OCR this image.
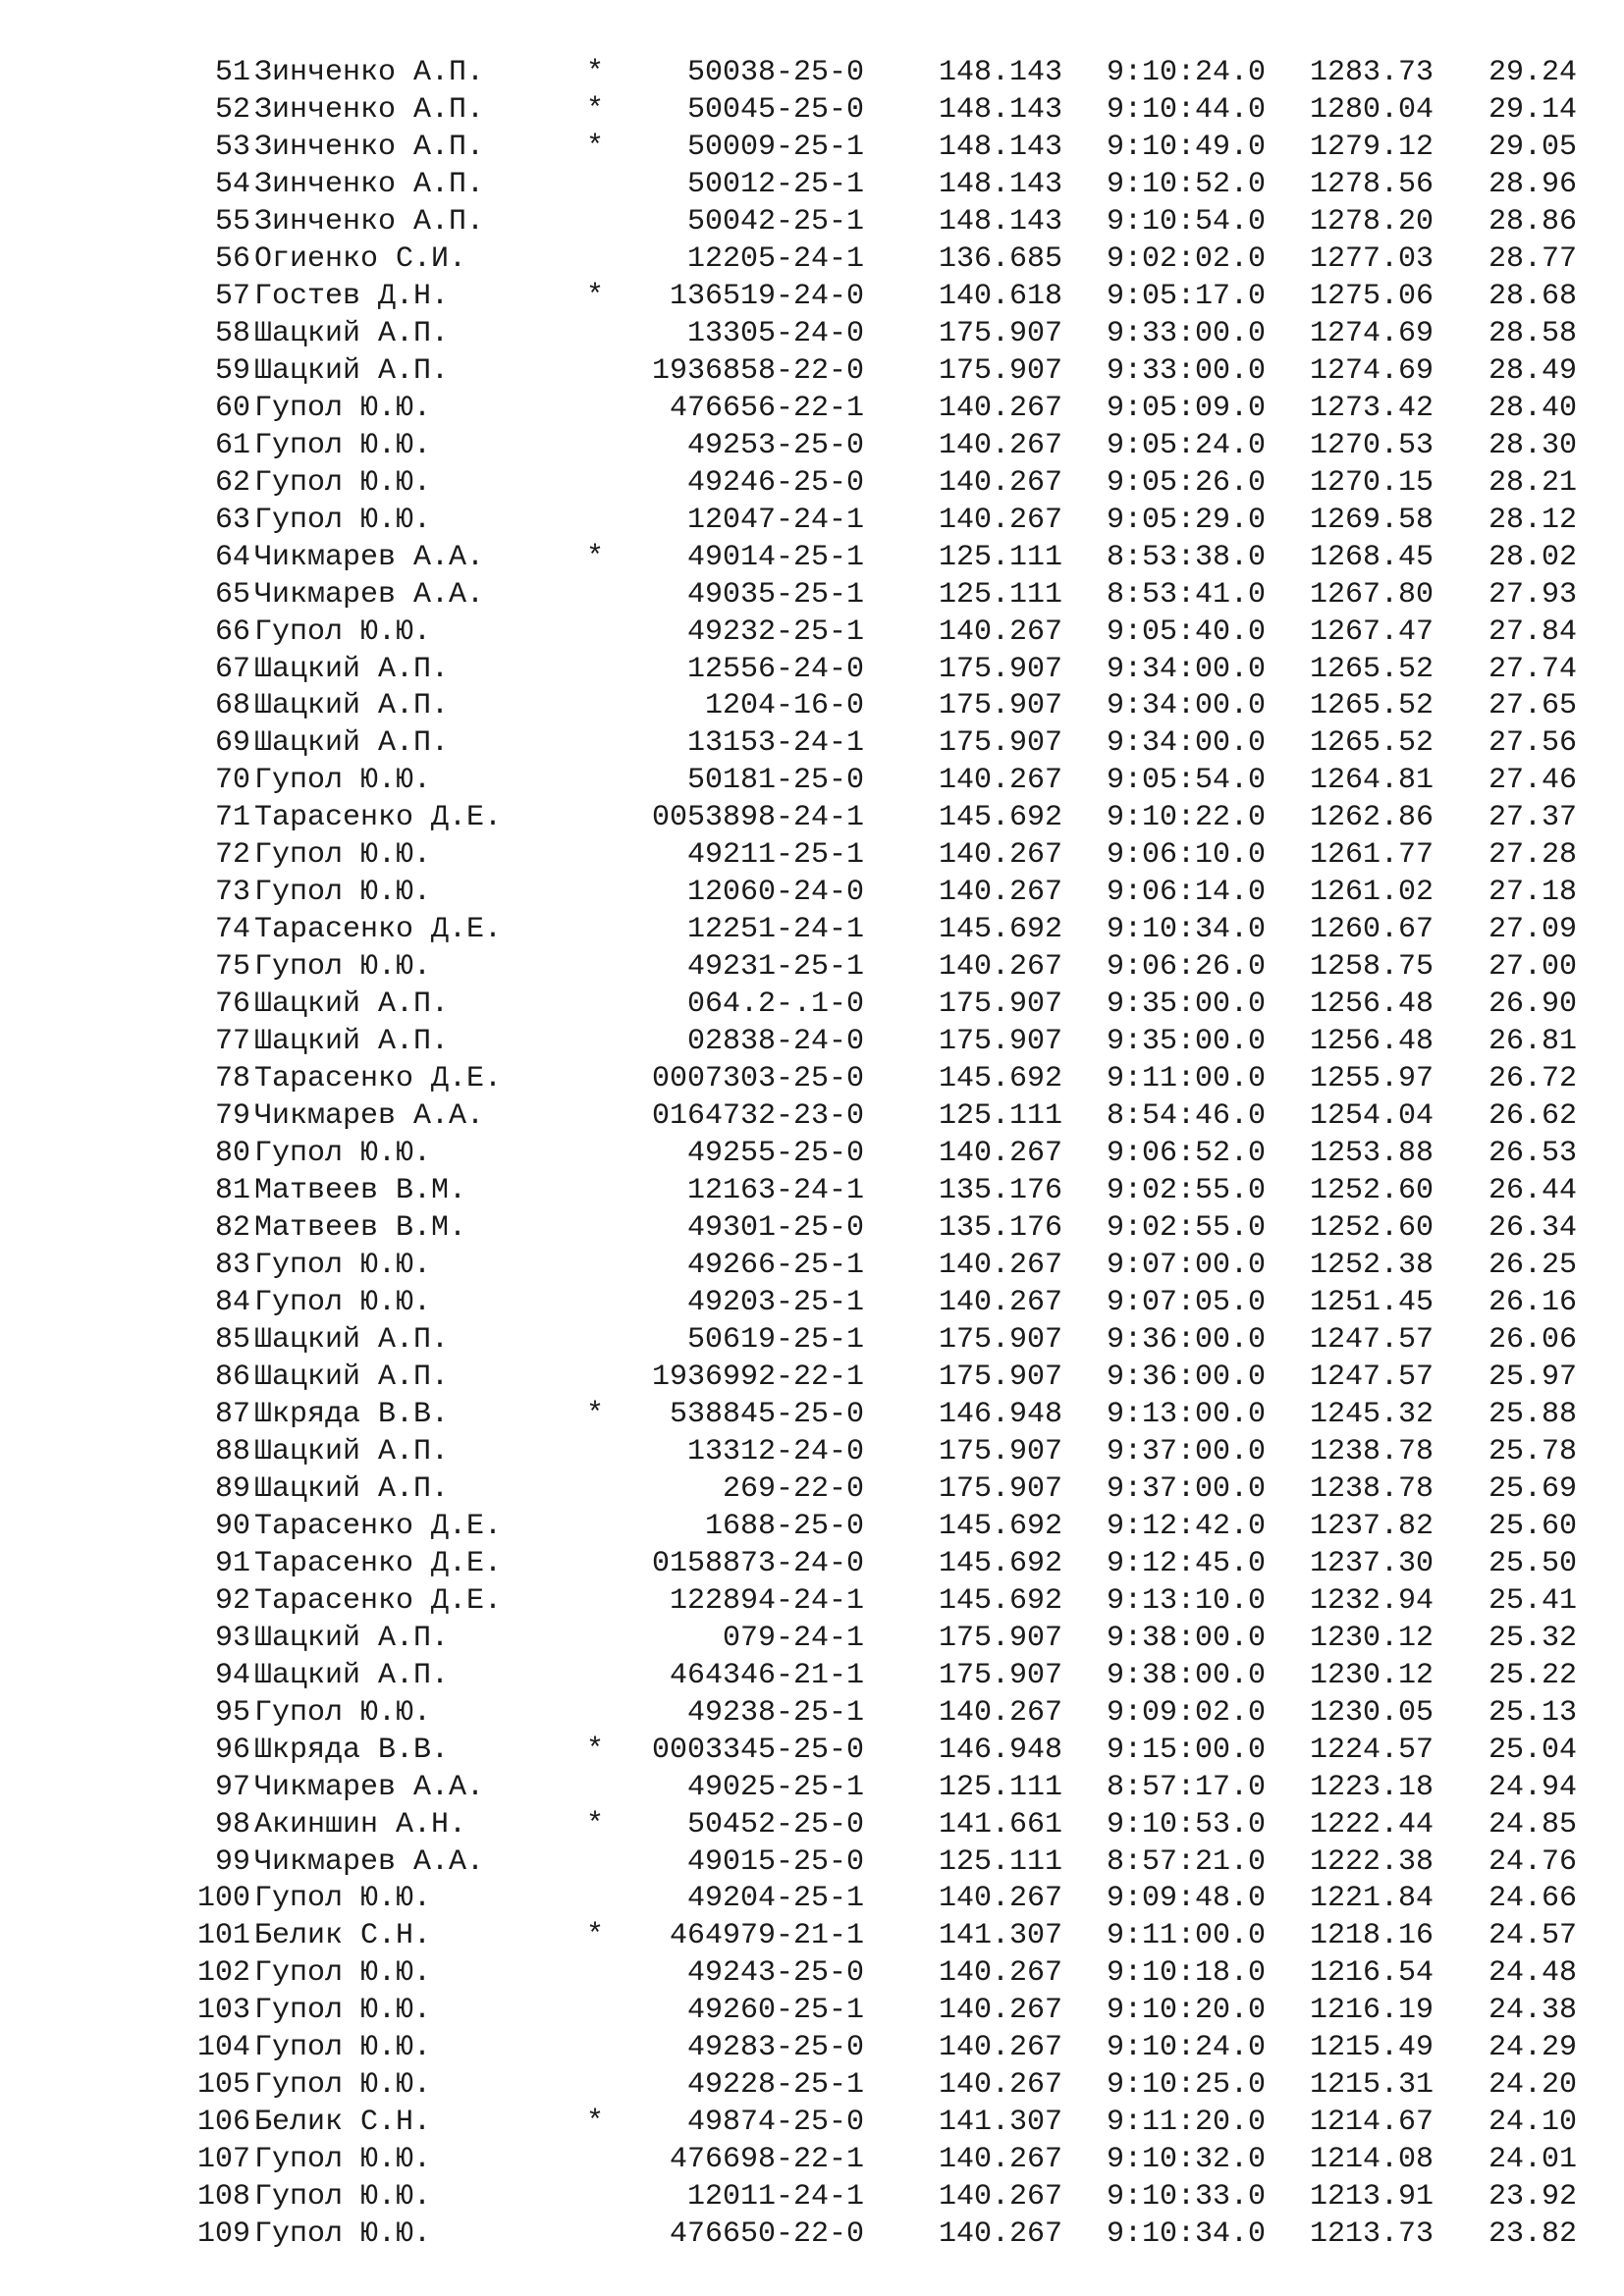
51 Зинченко А.П.	*	50038-25-0	148.143 9:10:24.0 1283.73 29.24
52 Зинченко А.П.	*	50045-25-0	148.143 9:10:44.0 1280.04 29.14
53 Зинченко А.П.	*	50009-25-1	148.143 9:10:49.0 1279.12 29.05
54 Зинченко А.П.	50012-25-1	148.143 9:10:52.0 1278.56 28.96
55 Зинченко А.П.	50042-25-1	148.143 9:10:54.0 1278.20 28.86
56 Огиенко С.И.	12205-24-1	136.685 9:02:02.0 1277.03 28.77
57 Гостев Д.Н.	* 136519-24-0	140.618 9:05:17.0 1275.06 28.68
58 Шацкий А.П.	13305-24-0	175.907 9:33:00.0 1274.69 28.58
59 Шацкий А.П.	1936858-22-0	175.907 9:33:00.0 1274.69 28.49
60 Гупол Ю.Ю.	476656-22-1	140.267 9:05:09.0 1273.42 28.40
61 Гупол Ю.Ю.	49253-25-0	140.267 9:05:24.0 1270.53 28.30
62 Гупол Ю.Ю.	49246-25-0	140.267 9:05:26.0 1270.15 28.21
63 Гупол Ю.Ю.	12047-24-1	140.267 9:05:29.0 1269.58 28.12
64 Чикмарев А.А.	*	49014-25-1	125.111 8:53:38.0 1268.45 28.02
65 Чикмарев А.А.	49035-25-1	125.111 8:53:41.0 1267.80 27.93
66 Гупол Ю.Ю.	49232-25-1	140.267 9:05:40.0 1267.47 27.84
67 Шацкий А.П.	12556-24-0	175.907 9:34:00.0 1265.52 27.74
68 Шацкий А.П.	1204-16-0	175.907 9:34:00.0 1265.52 27.65
69 Шацкий А.П.	13153-24-1	175.907 9:34:00.0 1265.52 27.56
70 Гупол Ю.Ю.	50181-25-0	140.267 9:05:54.0 1264.81 27.46
71 Тарасенко Д.Е.	0053898-24-1	145.692 9:10:22.0 1262.86 27.37
72 Гупол Ю.Ю.	49211-25-1	140.267 9:06:10.0 1261.77 27.28
73 Гупол Ю.Ю.	12060-24-0	140.267 9:06:14.0 1261.02 27.18
74 Тарасенко Д.Е.	12251-24-1	145.692 9:10:34.0 1260.67 27.09
75 Гупол Ю.Ю.	49231-25-1	140.267 9:06:26.0 1258.75 27.00
76 Шацкий А.П.	064.2-.1-0	175.907 9:35:00.0 1256.48 26.90
77 Шацкий А.П.	02838-24-0	175.907 9:35:00.0 1256.48 26.81
78 Тарасенко Д.Е.	0007303-25-0	145.692 9:11:00.0 1255.97 26.72
79 Чикмарев А.А.	0164732-23-0	125.111 8:54:46.0 1254.04 26.62
80 Гупол Ю.Ю.	49255-25-0	140.267 9:06:52.0 1253.88 26.53
81 Матвеев В.М.	12163-24-1	135.176 9:02:55.0 1252.60 26.44
82 Матвеев В.М.	49301-25-0	135.176 9:02:55.0 1252.60 26.34
83 Гупол Ю.Ю.	49266-25-1	140.267 9:07:00.0 1252.38 26.25
84 Гупол Ю.Ю.	49203-25-1	140.267 9:07:05.0 1251.45 26.16
85 Шацкий А.П.	50619-25-1	175.907 9:36:00.0 1247.57 26.06
86 Шацкий А.П.	1936992-22-1	175.907 9:36:00.0 1247.57 25.97
87 Шкряда В.В.	* 538845-25-0	146.948 9:13:00.0 1245.32 25.88
88 Шацкий А.П.	13312-24-0	175.907 9:37:00.0 1238.78 25.78
89 Шацкий А.П.	269-22-0	175.907 9:37:00.0 1238.78 25.69
90 Тарасенко Д.Е.	1688-25-0	145.692 9:12:42.0 1237.82 25.60
91 Тарасенко Д.Е.	0158873-24-0	145.692 9:12:45.0 1237.30 25.50
92 Тарасенко Д.Е.	122894-24-1	145.692 9:13:10.0 1232.94 25.41
93 Шацкий А.П.	079-24-1	175.907 9:38:00.0 1230.12 25.32
94 Шацкий А.П.	464346-21-1	175.907 9:38:00.0 1230.12 25.22
95 Гупол Ю.Ю.	49238-25-1	140.267 9:09:02.0 1230.05 25.13
96 Шкряда В.В.	* 0003345-25-0	146.948 9:15:00.0 1224.57 25.04
97 Чикмарев А.А.	49025-25-1	125.111 8:57:17.0 1223.18 24.94
98 Акиншин А.Н.	*	50452-25-0	141.661 9:10:53.0 1222.44 24.85
99 Чикмарев А.А.	49015-25-0	125.111 8:57:21.0 1222.38 24.76
100 Гупол Ю.Ю.	49204-25-1	140.267 9:09:48.0 1221.84 24.66
101 Белик С.Н.	* 464979-21-1	141.307 9:11:00.0 1218.16 24.57
102 Гупол Ю.Ю.	49243-25-0	140.267 9:10:18.0 1216.54 24.48
103 Гупол Ю.Ю.	49260-25-1	140.267 9:10:20.0 1216.19 24.38
104 Гупол Ю.Ю.	49283-25-0	140.267 9:10:24.0 1215.49 24.29
105 Гупол Ю.Ю.	49228-25-1	140.267 9:10:25.0 1215.31 24.20
106 Белик С.Н.	*	49874-25-0	141.307 9:11:20.0 1214.67 24.10
107 Гупол Ю.Ю.	476698-22-1	140.267 9:10:32.0 1214.08 24.01
108 Гупол Ю.Ю.	12011-24-1	140.267 9:10:33.0 1213.91 23.92
109 Гупол Ю.Ю.	476650-22-0	140.267 9:10:34.0 1213.73 23.82
